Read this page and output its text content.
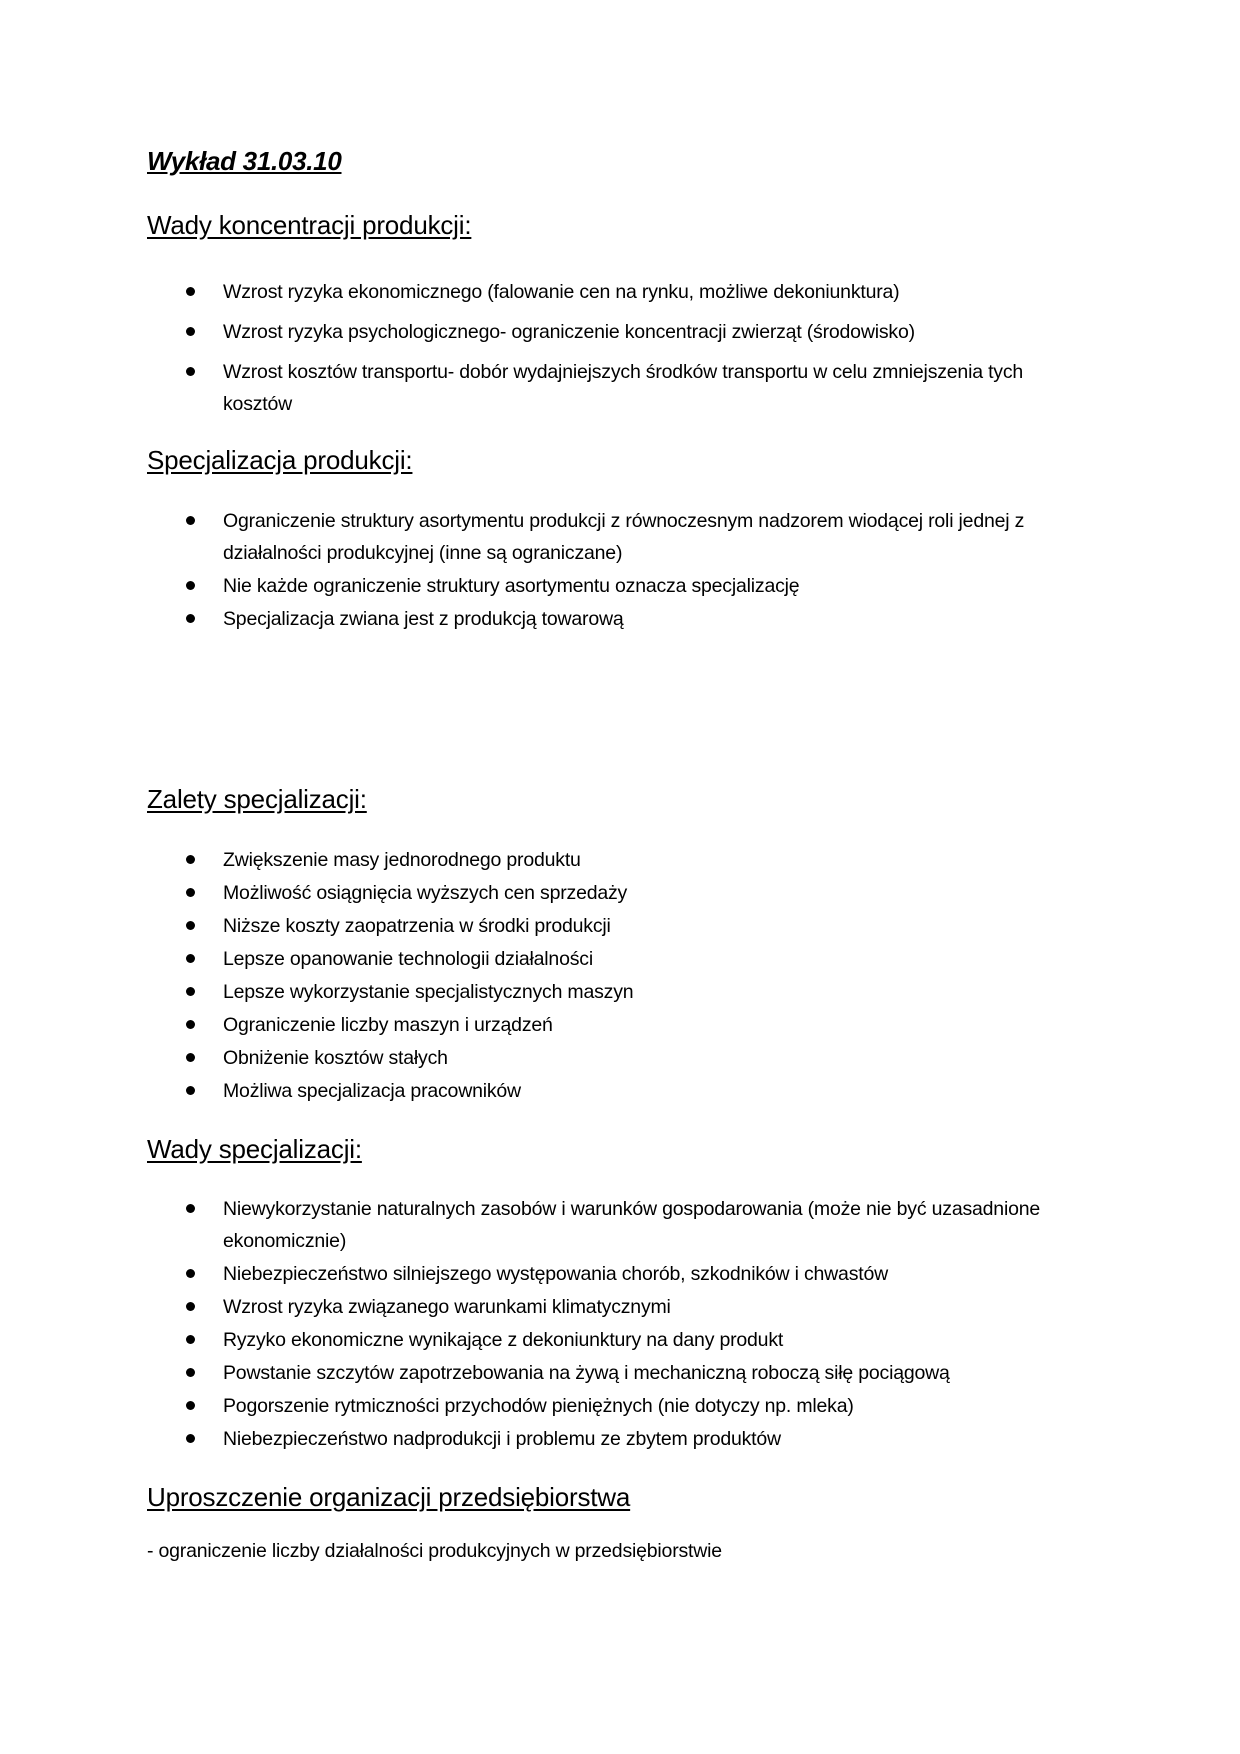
Wykład 31.03.10
Wady koncentracji produkcji:
Wzrost ryzyka ekonomicznego (falowanie cen na rynku, możliwe dekoniunktura)
Wzrost ryzyka psychologicznego- ograniczenie koncentracji zwierząt (środowisko)
Wzrost kosztów transportu- dobór wydajniejszych środków transportu w celu zmniejszenia tych kosztów
Specjalizacja produkcji:
Ograniczenie struktury asortymentu produkcji z równoczesnym nadzorem wiodącej roli jednej z działalności produkcyjnej (inne są ograniczane)
Nie każde ograniczenie struktury asortymentu oznacza specjalizację
Specjalizacja zwiana jest z produkcją towarową
Zalety specjalizacji:
Zwiększenie masy jednorodnego produktu
Możliwość osiągnięcia wyższych cen sprzedaży
Niższe koszty zaopatrzenia w środki produkcji
Lepsze opanowanie technologii działalności
Lepsze wykorzystanie specjalistycznych maszyn
Ograniczenie liczby maszyn i urządzeń
Obniżenie kosztów stałych
Możliwa specjalizacja pracowników
Wady specjalizacji:
Niewykorzystanie naturalnych zasobów i warunków gospodarowania (może nie być uzasadnione ekonomicznie)
Niebezpieczeństwo silniejszego występowania chorób, szkodników i chwastów
Wzrost ryzyka związanego warunkami klimatycznymi
Ryzyko ekonomiczne wynikające z dekoniunktury na dany produkt
Powstanie szczytów zapotrzebowania na żywą i mechaniczną roboczą siłę pociągową
Pogorszenie rytmiczności przychodów pieniężnych (nie dotyczy np. mleka)
Niebezpieczeństwo nadprodukcji i problemu ze zbytem produktów
Uproszczenie organizacji przedsiębiorstwa
- ograniczenie liczby działalności produkcyjnych w przedsiębiorstwie
